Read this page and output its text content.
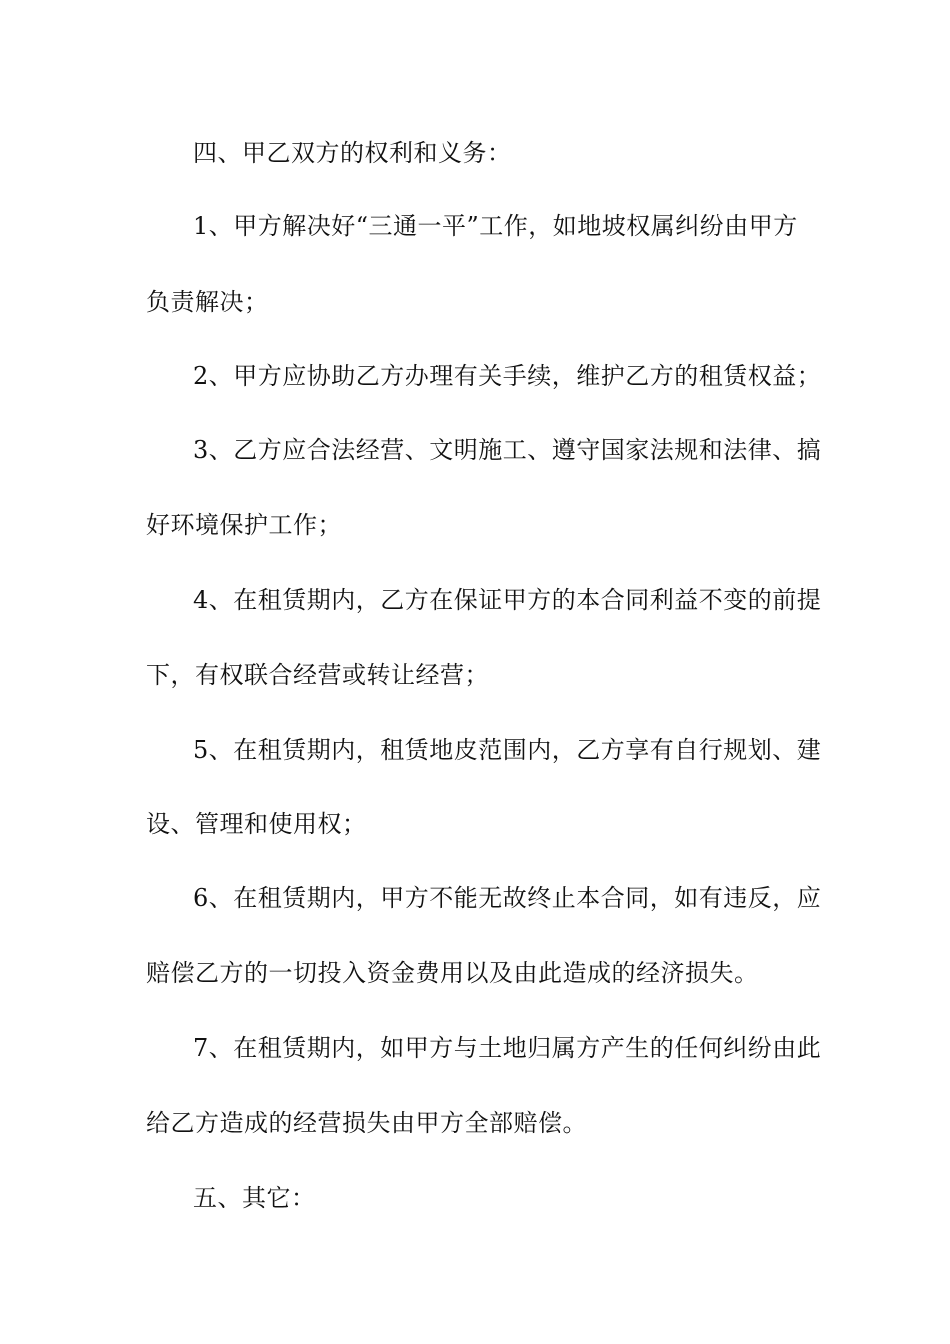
四、甲乙双方的权利和义务：
1、甲方解决好“三通一平”工作，如地坡权属纠纷由甲方
负责解决；
2、甲方应协助乙方办理有关手续，维护乙方的租赁权益；
3、乙方应合法经营、文明施工、遵守国家法规和法律、搞
好环境保护工作；
4、在租赁期内，乙方在保证甲方的本合同利益不变的前提
下，有权联合经营或转让经营；
5、在租赁期内，租赁地皮范围内，乙方享有自行规划、建
设、管理和使用权；
6、在租赁期内，甲方不能无故终止本合同，如有违反，应
赔偿乙方的一切投入资金费用以及由此造成的经济损失。
7、在租赁期内，如甲方与土地归属方产生的任何纠纷由此
给乙方造成的经营损失由甲方全部赔偿。
五、其它：
